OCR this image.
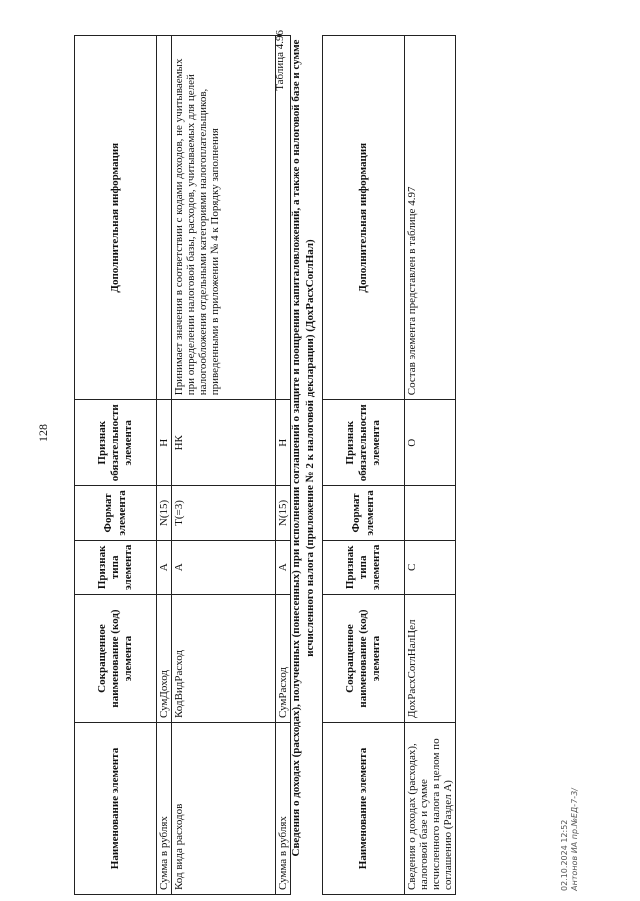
128
Наименование элемента	Сокращенное наименование (код) элемента	Признак типа элемента	Формат элемента	Признак обязательности элемента	Дополнительная информация
Сумма в рублях	СумДоход	А	N(15)	Н	
Код вида расходов	КодВидРасход	А	T(=3)	НК	Принимает значения в соответствии с кодами доходов, не учитываемых при определении налоговой базы, расходов, учитываемых для целей налогообложения отдельными категориями налогоплательщиков, приведенными в приложении № 4 к Порядку заполнения
Сумма в рублях	СумРасход	А	N(15)	Н	
Таблица 4.96 Сведения о доходах (расходах), полученных (понесенных) при исполнении соглашений о защите и поощрении капиталовложений, а также о налоговой базе и сумме исчисленного налога (приложение № 2 к налоговой декларации) (ДохРасхСоглНал)
Наименование элемента	Сокращенное наименование (код) элемента	Признак типа элемента	Формат элемента	Признак обязательности элемента	Дополнительная информация
Сведения о доходах (расходах), налоговой базе и сумме исчисленного налога в целом по соглашению (Раздел А)	ДохРасхСоглНалЦел	С		О	Состав элемента представлен в таблице 4.97
02.10.2024 12:52 Антонов ИА пр.№ЕД-7-3/
